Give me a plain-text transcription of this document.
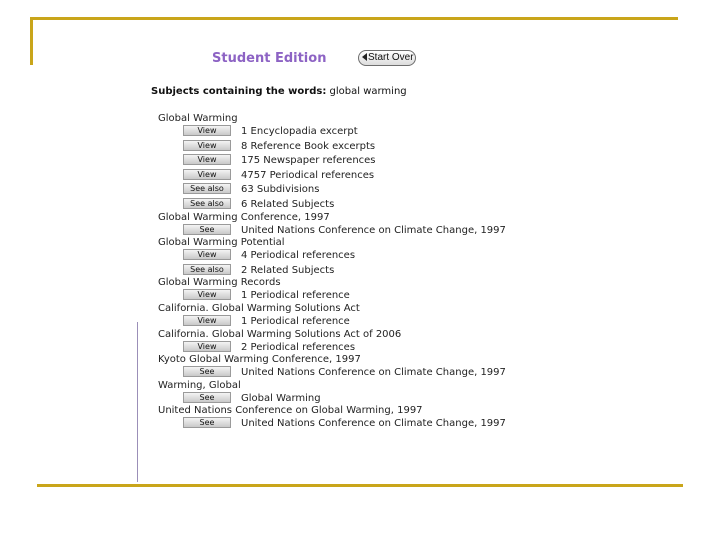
Student Edition	Start Over
Subjects containing the words: global warming
Global Warming
View	1 Encyclopadia excerpt
View	8 Reference Book excerpts
View	175 Newspaper references
View	4757 Periodical references
See also	63 Subdivisions
See also	6 Related Subjects
Global Warming Conference, 1997
See	United Nations Conference on Climate Change, 1997
Global Warming Potential
View	4 Periodical references
See also	2 Related Subjects
Global Warming Records
View	1 Periodical reference
California. Global Warming Solutions Act
View	1 Periodical reference
California. Global Warming Solutions Act of 2006
View	2 Periodical references
Kyoto Global Warming Conference, 1997
See	United Nations Conference on Climate Change, 1997
Warming, Global
See	Global Warming
United Nations Conference on Global Warming, 1997
See	United Nations Conference on Climate Change, 1997
